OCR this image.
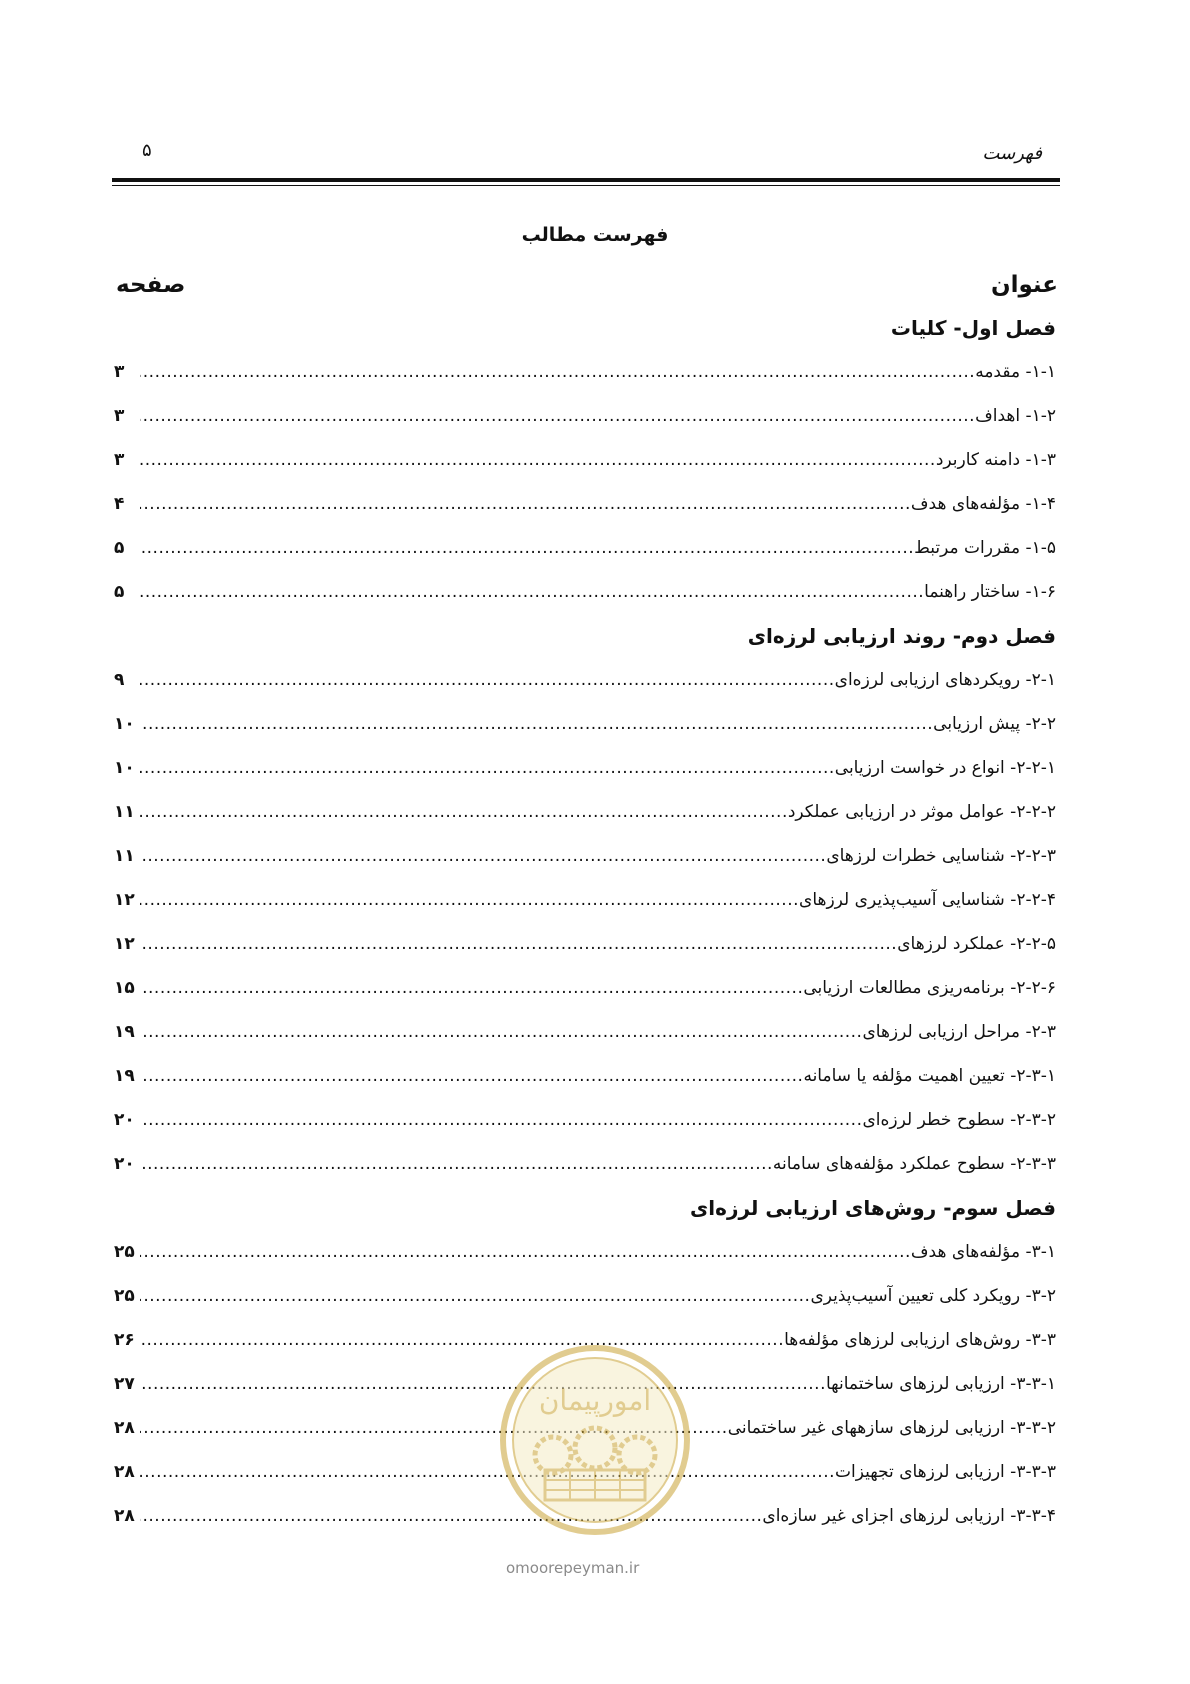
فهرست
۵
فهرست مطالب
عنوان
صفحه
فصل اول- کلیات
۱-۱- مقدمه
.....
۳
۱-۲- اهداف
.....
۳
۱-۳- دامنه کاربرد
.....
۳
۱-۴- مؤلفه‌های هدف
.....
۴
۱-۵- مقررات مرتبط
.....
۵
۱-۶- ساختار راهنما
.....
۵
فصل دوم- روند ارزیابی لرزه‌ای
۲-۱- رویکردهای ارزیابی لرزه‌ای
.....
۹
۲-۲- پیش ارزیابی
.....
۱۰
۲-۲-۱- انواع در خواست ارزیابی
.....
۱۰
۲-۲-۲- عوامل موثر در ارزیابی عملکرد
.....
۱۱
۲-۲-۳- شناسایی خطرات لرزهای
.....
۱۱
۲-۲-۴- شناسایی آسیب‌پذیری لرزهای
.....
۱۲
۲-۲-۵- عملکرد لرزهای
.....
۱۲
۲-۲-۶- برنامه‌ریزی مطالعات ارزیابی
.....
۱۵
۲-۳- مراحل ارزیابی لرزهای
.....
۱۹
۲-۳-۱- تعیین اهمیت مؤلفه یا سامانه
.....
۱۹
۲-۳-۲- سطوح خطر لرزه‌ای
.....
۲۰
۲-۳-۳- سطوح عملکرد مؤلفه‌های سامانه
.....
۲۰
فصل سوم- روش‌های ارزیابی لرزه‌ای
۳-۱- مؤلفه‌های هدف
.....
۲۵
۳-۲- رویکرد کلی تعیین آسیب‌پذیری
.....
۲۵
۳-۳- روش‌های ارزیابی لرزهای مؤلفه‌ها
.....
۲۶
۳-۳-۱- ارزیابی لرزهای ساختمانها
.....
۲۷
۳-۳-۲- ارزیابی لرزهای سازههای غیر ساختمانی
.....
۲۸
۳-۳-۳- ارزیابی لرزهای تجهیزات
.....
۲۸
۳-۳-۴- ارزیابی لرزهای اجزای غیر سازه‌ای
.....
۲۸
امورپیمان
omoorepeyman.ir
